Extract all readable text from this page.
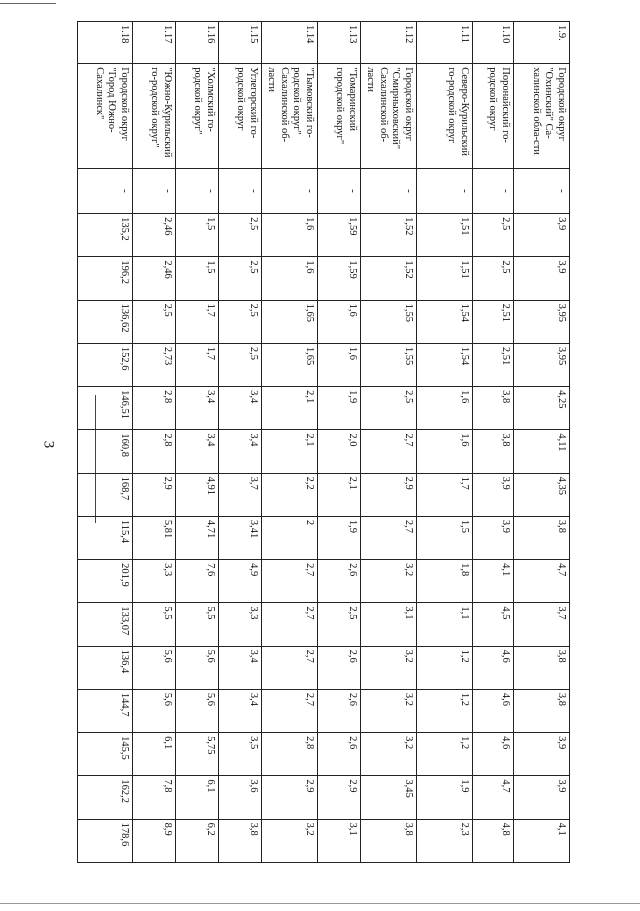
3
1.9.	Городской округ "Охинский" Са-халинской обла-сти	-	3,9	3,9	3,95	3,95	4,25	4,11	4,35	3,8	4,7	3,7	3,8	3,8	3,9	3,9	4,1
1.10	Поронайский го-родской округ	-	2,5	2,5	2,51	2,51	3,8	3,8	3,9	3,9	4,1	4,5	4,6	4,6	4,6	4,7	4,8
1.11	Северо-Курильский го-родской округ	-	1,51	1,51	1,54	1,54	1,6	1,6	1,7	1,5	1,8	1,1	1,2	1,2	1,2	1,9	2,3
1.12	Городской округ "Смирныховский" Сахалинской об-ласти	-	1,52	1,52	1,55	1,55	2,5	2,7	2,9	2,7	3,2	3,1	3,2	3,2	3,2	3,45	3,8
1.13	"Томаринский городской округ"	-	1,59	1,59	1,6	1,6	1,9	2,0	2,1	1,9	2,6	2,5	2,6	2,6	2,6	2,9	3,1
1.14	"Тымовский го-родской округ" Сахалинской об-ласти	-	1,6	1,6	1,65	1,65	2,1	2,1	2,2	2	2,7	2,7	2,7	2,7	2,8	2,9	3,2
1.15	Углегорский го-родской округ	-	2,5	2,5	2,5	2,5	3,4	3,4	3,7	3,41	4,9	3,3	3,4	3,4	3,5	3,6	3,8
1.16	"Холмский го-родской округ"	-	1,5	1,5	1,7	1,7	3,4	3,4	4,91	4,71	7,6	5,5	5,6	5,6	5,75	6,1	6,2
1.17	"Южно-Курильский го-родской округ"	-	2,46	2,46	2,5	2,73	2,8	2,8	2,9	5,81	3,3	5,5	5,6	5,6	6,1	7,8	8,9
1.18	Городской округ "Город Южно-Сахалинск"	-	135,2	196,2	136,62	152,6	146,51	160,8	168,7	115,4	201,9	133,07	136,4	144,7	145,5	162,2	178,6
